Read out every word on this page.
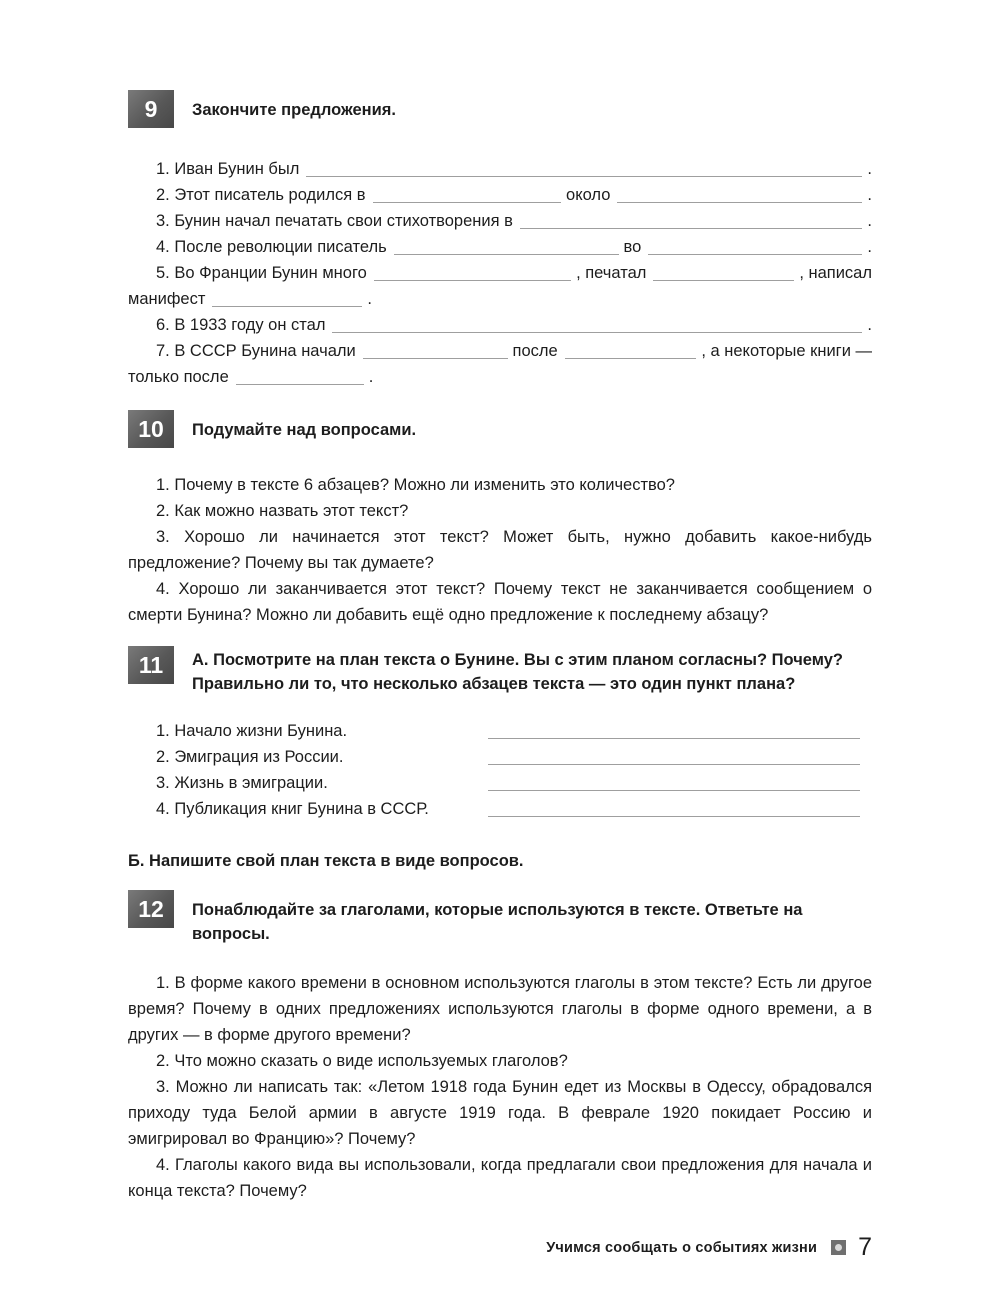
9	Закончите предложения.
1. Иван Бунин был	.
2. Этот писатель родился в	около	.
3. Бунин начал печатать свои стихотворения в	.
4. После революции писатель	во	.
5. Во Франции Бунин много	, печатал	, написал
манифест	.
6. В 1933 году он стал	.
7. В СССР Бунина начали	после	, а некоторые книги —
только после	.
10	Подумайте над вопросами.

1. Почему в тексте 6 абзацев? Можно ли изменить это количество?

2. Как можно назвать этот текст?

3. Хорошо ли начинается этот текст? Может быть, нужно добавить какое-нибудь предложение? Почему вы так думаете?

4. Хорошо ли заканчивается этот текст? Почему текст не заканчивается сообщением о смерти Бунина? Можно ли добавить ещё одно предложение к последнему абзацу?

11	А. Посмотрите на план текста о Бунине. Вы с этим планом согласны? Почему? Правильно ли то, что несколько абзацев текста — это один пункт плана?
1. Начало жизни Бунина.
2. Эмиграция из России.
3. Жизнь в эмиграции.
4. Публикация книг Бунина в СССР.
Б. Напишите свой план текста в виде вопросов.
12	Понаблюдайте за глаголами, которые используются в тексте. Ответьте на вопросы.

1. В форме какого времени в основном используются глаголы в этом тексте? Есть ли другое время? Почему в одних предложениях используются глаголы в форме одного времени, а в других — в форме другого времени?

2. Что можно сказать о виде используемых глаголов?

3. Можно ли написать так: «Летом 1918 года Бунин едет из Москвы в Одессу, обрадовался приходу туда Белой армии в августе 1919 года. В феврале 1920 покидает Россию и эмигрировал во Францию»? Почему?

4. Глаголы какого вида вы использовали, когда предлагали свои предложения для начала и конца текста? Почему?

Учимся сообщать о событиях жизни 7
